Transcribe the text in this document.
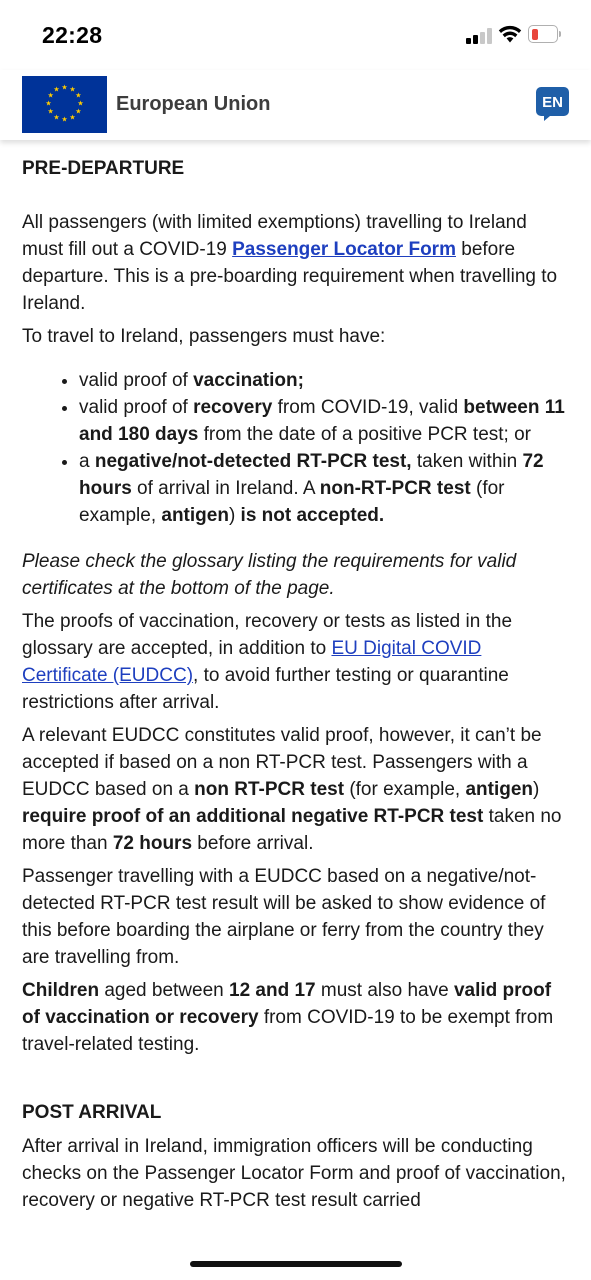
22:28
★ ★
★
★
★
★
★
★
★
★
★
★
European Union	EN

PRE-DEPARTURE

All passengers (with limited exemptions) travelling to Ireland must fill out a COVID-19 Passenger Locator Form before departure. This is a pre-boarding requirement when travelling to Ireland.

To travel to Ireland, passengers must have:

• valid proof of vaccination;
• valid proof of recovery from COVID-19, valid between 11 and 180 days from the date of a positive PCR test; or
• a negative/not-detected RT-PCR test, taken within 72 hours of arrival in Ireland. A non-RT-PCR test (for example, antigen) is not accepted.

Please check the glossary listing the requirements for valid certificates at the bottom of the page.

The proofs of vaccination, recovery or tests as listed in the glossary are accepted, in addition to EU Digital COVID Certificate (EUDCC), to avoid further testing or quarantine restrictions after arrival.

A relevant EUDCC constitutes valid proof, however, it can’t be accepted if based on a non RT-PCR test. Passengers with a EUDCC based on a non RT-PCR test (for example, antigen) require proof of an additional negative RT-PCR test taken no more than 72 hours before arrival.

Passenger travelling with a EUDCC based on a negative/not-detected RT-PCR test result will be asked to show evidence of this before boarding the airplane or ferry from the country they are travelling from.

Children aged between 12 and 17 must also have valid proof of vaccination or recovery from COVID-19 to be exempt from travel-related testing.

POST ARRIVAL

After arrival in Ireland, immigration officers will be conducting checks on the Passenger Locator Form and proof of vaccination, recovery or negative RT-PCR test result carried
